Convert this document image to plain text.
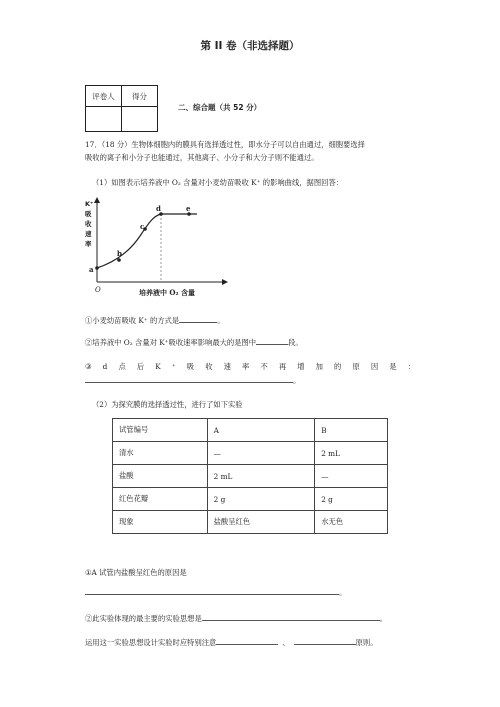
第 II 卷（非选择题）
评卷人	得分

二、综合题（共 52 分）
17．（18 分）生物体细胞内的膜具有选择透过性，即水分子可以自由通过，细胞要选择
吸收的离子和小分子也能通过，其他离子、小分子和大分子则不能通过。
（1）如图表示培养液中 O₂ 含量对小麦幼苗吸收 K⁺ 的影响曲线，据图回答：
a
b
c
d	e
O	培养液中 O₂ 含量
K⁺
吸
收
速
率
①小麦幼苗吸收 K⁺ 的方式是	。
②培养液中 O₂ 含量对 K⁺吸收速率影响最大的是图中	段。
③ d 点 后 K ⁺ 吸 收 速 率 不 再 增 加 的 原 因 是 ：
。
（2）为探究膜的选择透过性，进行了如下实验
试管编号	A	B
清水	—	2 mL
盐酸	2 mL	—
红色花瓣	2 g	2 g
现象	盐酸呈红色	水无色
①A 试管内盐酸呈红色的原因是
。
②此实验体现的最主要的实验思想是	。
运用这一实验思想设计实验时应特别注意	、	原则。
